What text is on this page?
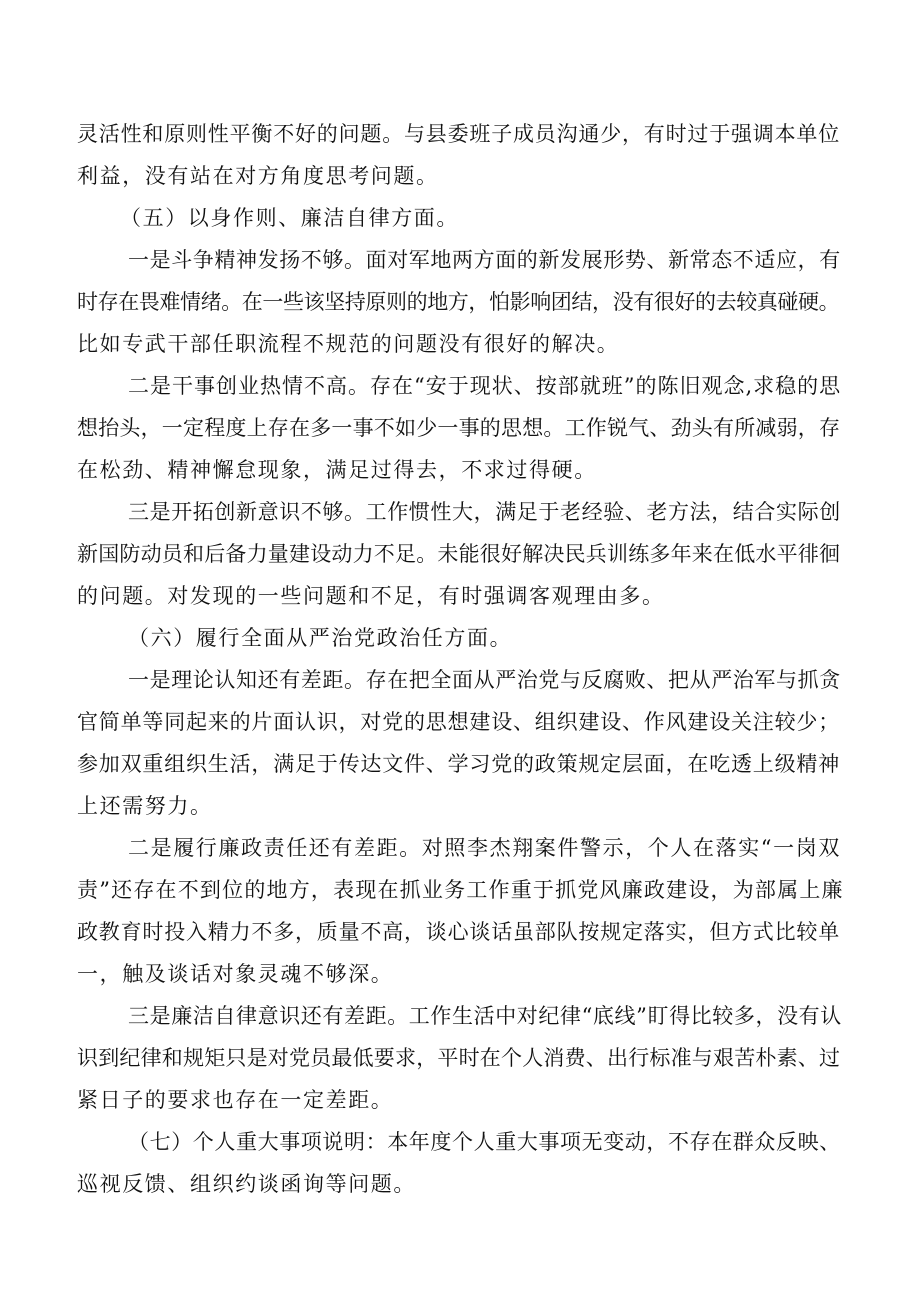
灵活性和原则性平衡不好的问题。与县委班子成员沟通少，有时过于强调本单位
利益，没有站在对方角度思考问题。
（五）以身作则、廉洁自律方面。
一是斗争精神发扬不够。面对军地两方面的新发展形势、新常态不适应，有
时存在畏难情绪。在一些该坚持原则的地方，怕影响团结，没有很好的去较真碰硬。
比如专武干部任职流程不规范的问题没有很好的解决。
二是干事创业热情不高。存在“安于现状、按部就班”的陈旧观念,求稳的思
想抬头，一定程度上存在多一事不如少一事的思想。工作锐气、劲头有所减弱，存
在松劲、精神懈怠现象，满足过得去，不求过得硬。
三是开拓创新意识不够。工作惯性大，满足于老经验、老方法，结合实际创
新国防动员和后备力量建设动力不足。未能很好解决民兵训练多年来在低水平徘徊
的问题。对发现的一些问题和不足，有时强调客观理由多。
（六）履行全面从严治党政治任方面。
一是理论认知还有差距。存在把全面从严治党与反腐败、把从严治军与抓贪
官简单等同起来的片面认识，对党的思想建设、组织建设、作风建设关注较少；
参加双重组织生活，满足于传达文件、学习党的政策规定层面，在吃透上级精神
上还需努力。
二是履行廉政责任还有差距。对照李杰翔案件警示，个人在落实“一岗双
责”还存在不到位的地方，表现在抓业务工作重于抓党风廉政建设，为部属上廉
政教育时投入精力不多，质量不高，谈心谈话虽部队按规定落实，但方式比较单
一，触及谈话对象灵魂不够深。
三是廉洁自律意识还有差距。工作生活中对纪律“底线”盯得比较多，没有认
识到纪律和规矩只是对党员最低要求，平时在个人消费、出行标准与艰苦朴素、过
紧日子的要求也存在一定差距。
（七）个人重大事项说明：本年度个人重大事项无变动，不存在群众反映、
巡视反馈、组织约谈函询等问题。
